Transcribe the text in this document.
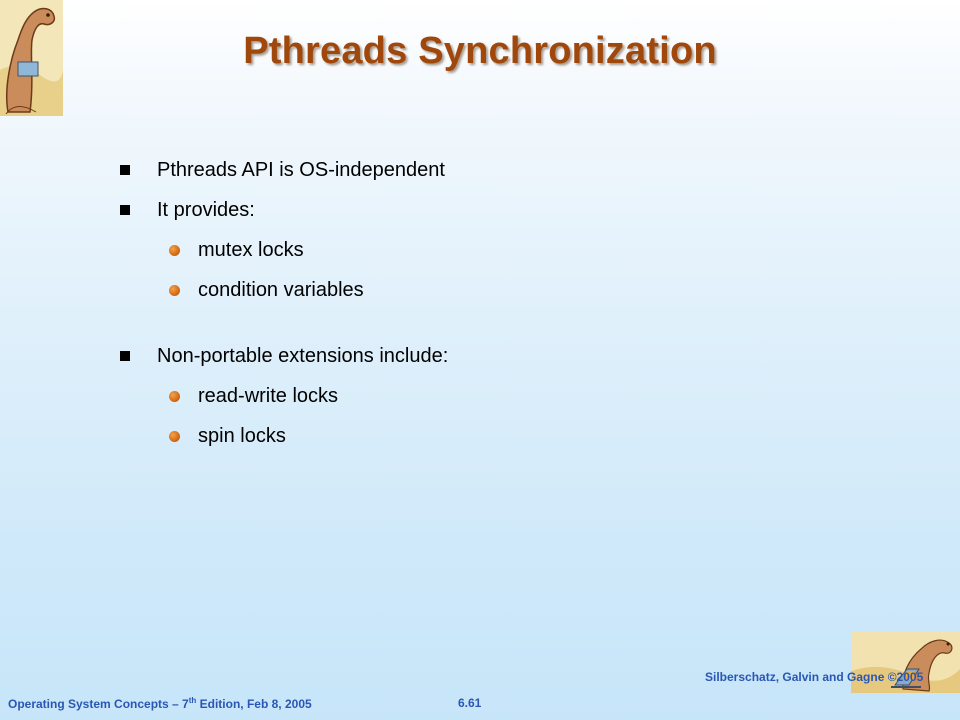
Pthreads Synchronization
Pthreads API is OS-independent
It provides:
mutex locks
condition variables
Non-portable extensions include:
read-write locks
spin locks
Operating System Concepts – 7th Edition, Feb 8, 2005	6.61
Silberschatz, Galvin and Gagne ©2005
